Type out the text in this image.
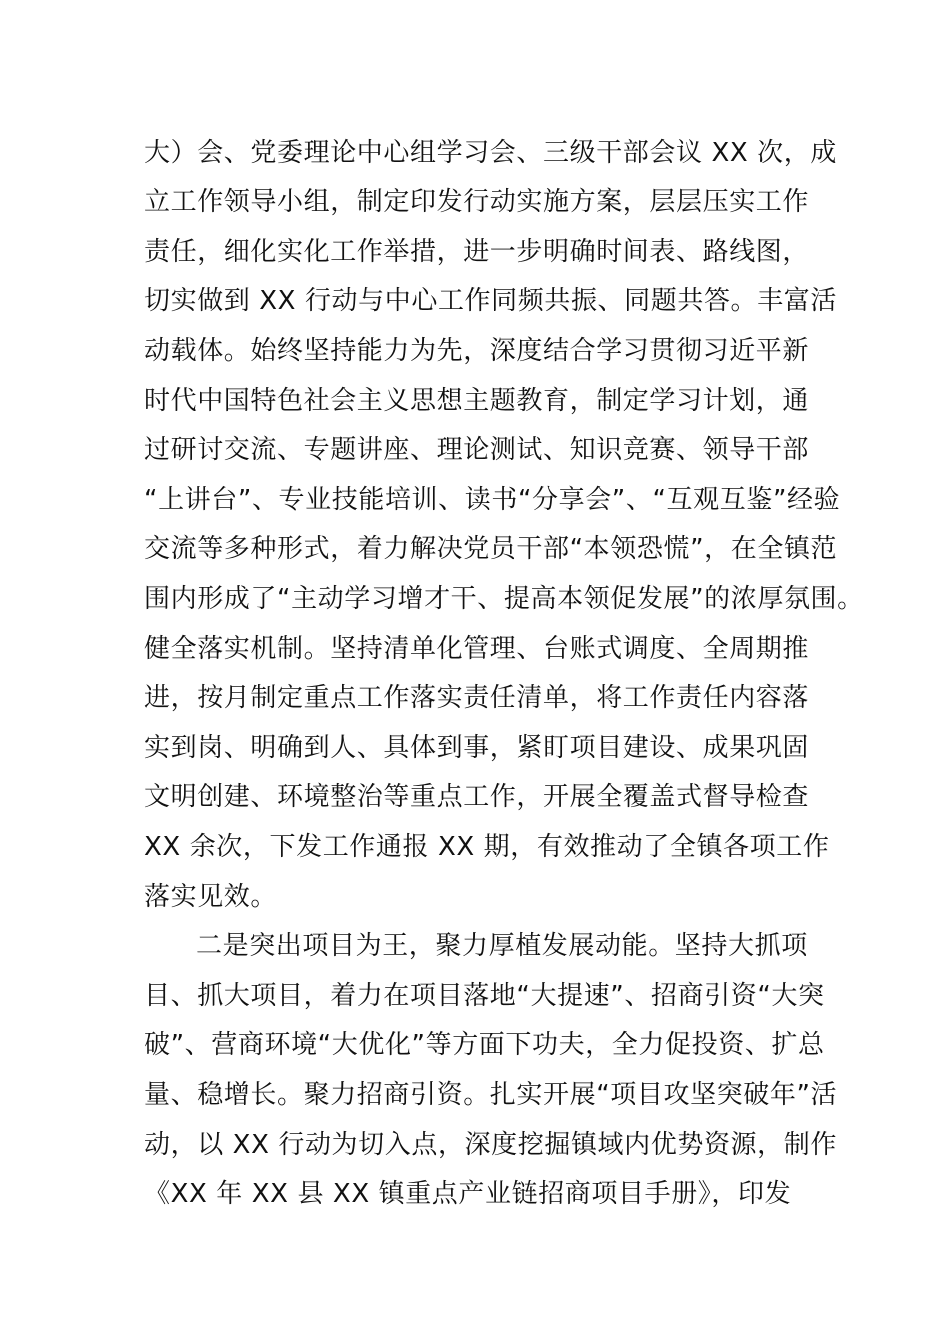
大）会、党委理论中心组学习会、三级干部会议 XX 次，成
立工作领导小组，制定印发行动实施方案，层层压实工作
责任，细化实化工作举措，进一步明确时间表、路线图，
切实做到 XX 行动与中心工作同频共振、同题共答。丰富活
动载体。始终坚持能力为先，深度结合学习贯彻习近平新
时代中国特色社会主义思想主题教育，制定学习计划，通
过研讨交流、专题讲座、理论测试、知识竞赛、领导干部
“上讲台”、专业技能培训、读书“分享会”、“互观互鉴”经验
交流等多种形式，着力解决党员干部“本领恐慌”，在全镇范
围内形成了“主动学习增才干、提高本领促发展”的浓厚氛围。
健全落实机制。坚持清单化管理、台账式调度、全周期推
进，按月制定重点工作落实责任清单，将工作责任内容落
实到岗、明确到人、具体到事，紧盯项目建设、成果巩固
文明创建、环境整治等重点工作，开展全覆盖式督导检查
XX 余次，下发工作通报 XX 期，有效推动了全镇各项工作
落实见效。
二是突出项目为王，聚力厚植发展动能。坚持大抓项
目、抓大项目，着力在项目落地“大提速”、招商引资“大突
破”、营商环境“大优化”等方面下功夫，全力促投资、扩总
量、稳增长。聚力招商引资。扎实开展“项目攻坚突破年”活
动，以 XX 行动为切入点，深度挖掘镇域内优势资源，制作
《XX 年 XX 县 XX 镇重点产业链招商项目手册》，印发
